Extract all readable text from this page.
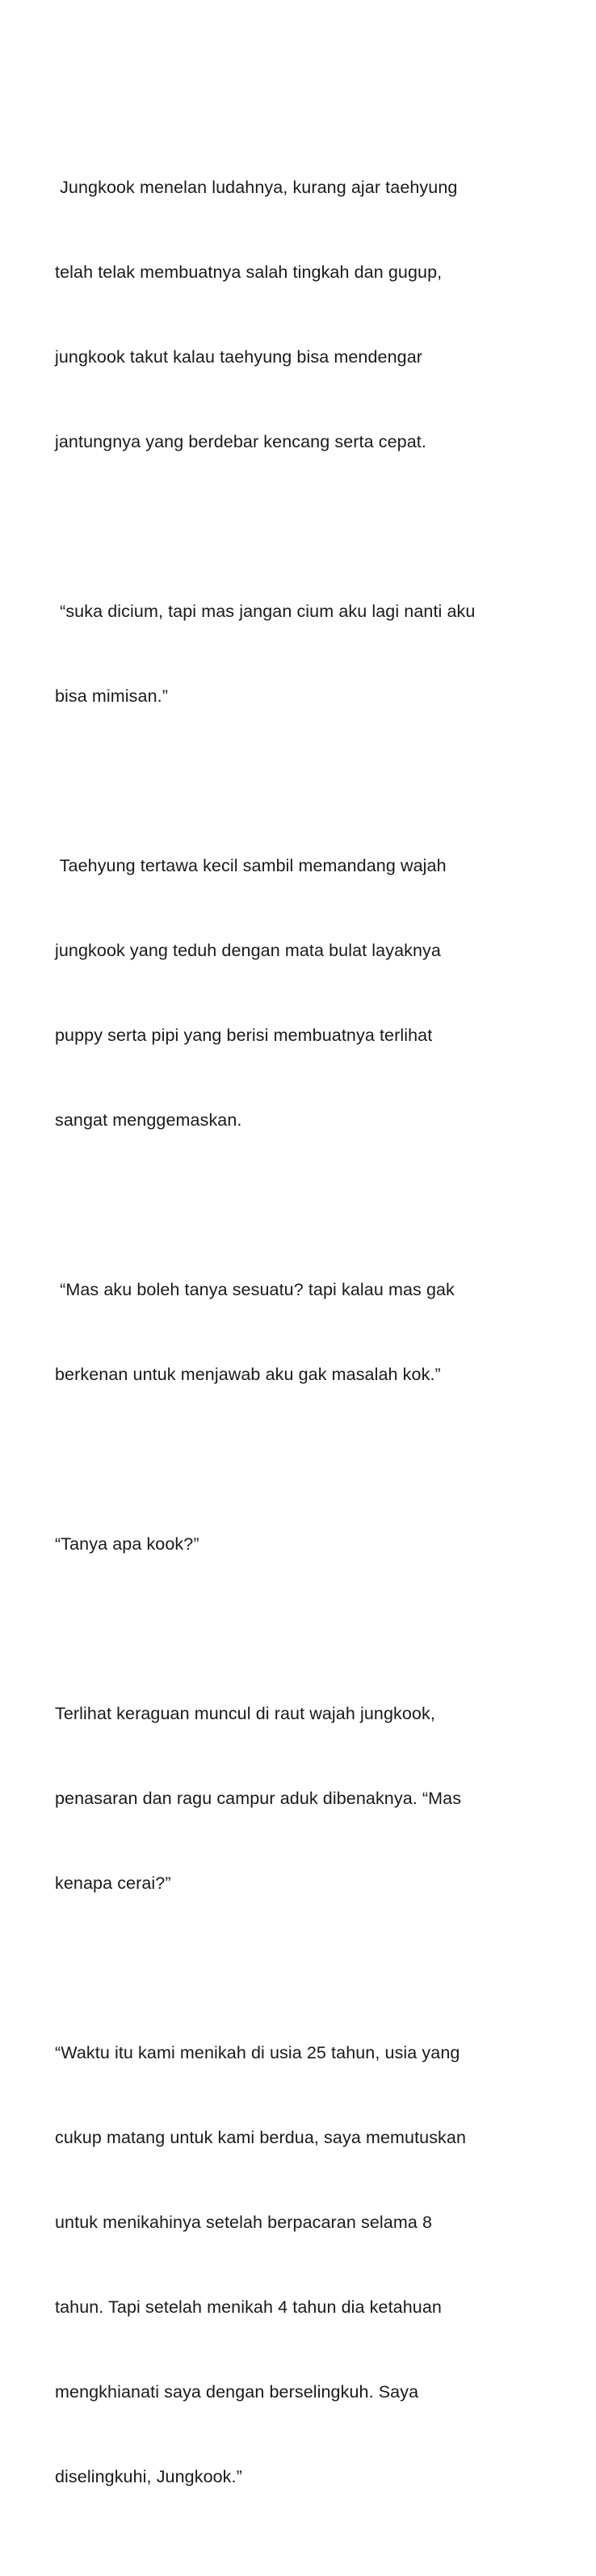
Jungkook menelan ludahnya, kurang ajar taehyung

telah telak membuatnya salah tingkah dan gugup,

jungkook takut kalau taehyung bisa mendengar

jantungnya yang berdebar kencang serta cepat.

“suka dicium, tapi mas jangan cium aku lagi nanti aku

bisa mimisan.”

Taehyung tertawa kecil sambil memandang wajah

jungkook yang teduh dengan mata bulat layaknya

puppy serta pipi yang berisi membuatnya terlihat

sangat menggemaskan.

“Mas aku boleh tanya sesuatu? tapi kalau mas gak

berkenan untuk menjawab aku gak masalah kok.”

“Tanya apa kook?”

Terlihat keraguan muncul di raut wajah jungkook,

penasaran dan ragu campur aduk dibenaknya. “Mas

kenapa cerai?”

“Waktu itu kami menikah di usia 25 tahun, usia yang

cukup matang untuk kami berdua, saya memutuskan

untuk menikahinya setelah berpacaran selama 8

tahun. Tapi setelah menikah 4 tahun dia ketahuan

mengkhianati saya dengan berselingkuh. Saya

diselingkuhi, Jungkook.”
